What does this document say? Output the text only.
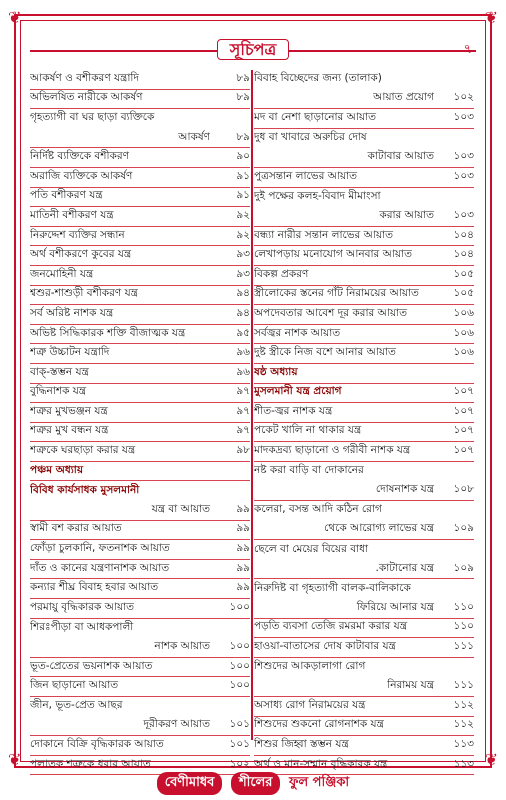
❦	❦
❦	❦
সূচিপত্র	৭
আকর্ষণ ও বশীকরণ যন্ত্রাদি	৮৯
অভিলষিত নারীকে আকর্ষণ	৮৯
গৃহত্যাগী বা ঘর ছাড়া ব্যক্তিকে
আকর্ষণ	৮৯
নির্দিষ্ট ব্যক্তিকে বশীকরণ	৯০
অরাজি ব্যক্তিকে আকর্ষণ	৯১
পতি বশীকরণ যন্ত্র	৯১
মাতিনী বশীকরণ যন্ত্র	৯২
নিরুদ্দেশ ব্যক্তির সন্ধান	৯২
অর্থ বশীকরণে কুবের যন্ত্র	৯৩
জনমোহিনী যন্ত্র	৯৩
শ্বশুর-শাশুড়ী বশীকরণ যন্ত্র	৯৪
সর্ব অরিষ্ট নাশক যন্ত্র	৯৪
অভিষ্ট সিদ্ধিকারক শক্তি বীজাত্মক যন্ত্র	৯৫
শত্রু উচ্চাটন যন্ত্রাদি	৯৬
বাক্‌-স্তম্ভন যন্ত্র	৯৬
বুদ্ধিনাশক যন্ত্র	৯৭
শত্রুর মুখভঞ্জন যন্ত্র	৯৭
শত্রুর মুখ বন্ধন যন্ত্র	৯৭
শত্রুকে ঘরছাড়া করার যন্ত্র	৯৮
পঞ্চম অধ্যায়
বিবিধ কার্যসাধক মুসলমানী
যন্ত্র বা আয়াত	৯৯
স্বামী বশ করার আয়াত	৯৯
ফোঁড়া চুলকানি, ফতনাশক আয়াত	৯৯
দাঁত ও কানের যন্ত্রণানাশক আয়াত	৯৯
কন্যার শীঘ্র বিবাহ হবার আয়াত	৯৯
পরমায়ু বৃদ্ধিকারক আয়াত	১০০
শিরঃপীড়া বা আধকপালী
নাশক আয়াত	১০০
ভূত-প্রেতের ভয়নাশক আয়াত	১০০
জিন ছাড়ানো আয়াত	১০০
জীন, ভূত-প্রেত আছর
দূরীকরণ আয়াত	১০১
দোকানে বিক্রি বৃদ্ধিকারক আয়াত	১০১
পলাতক শত্রুকে ধরার আয়াত	১০২
বিবাহ বিচ্ছেদের জন্য (তালাক)
আয়াত প্রয়োগ	১০২
মদ বা নেশা ছাড়ানোর আয়াত	১০৩
দুধ বা খাবারে অরুচির দোষ
কাটাবার আয়াত	১০৩
পুত্রসন্তান লাভের আয়াত	১০৩
দুই পক্ষের কলহ-বিবাদ মীমাংসা
করার আয়াত	১০৩
বন্ধ্যা নারীর সন্তান লাভের আয়াত	১০৪
লেখাপড়ায় মনোযোগ আনবার আয়াত	১০৪
বিকল্প প্রকরণ	১০৫
স্ত্রীলোকের স্তনের গাঁট নিরাময়ের আয়াত	১০৫
অপদেবতার আবেশ দূর করার আয়াত	১০৬
সর্বজ্বর নাশক আয়াত	১০৬
দুষ্ট স্ত্রীকে নিজ বশে আনার আয়াত	১০৬
ষষ্ঠ অধ্যায়
মুসলমানী যন্ত্র প্রয়োগ	১০৭
শীত-জ্বর নাশক যন্ত্র	১০৭
পকেট খালি না থাকার যন্ত্র	১০৭
মাদকদ্রব্য ছাড়ানো ও গরীবী নাশক যন্ত্র	১০৭
নষ্ট করা বাড়ি বা দোকানের
দোষনাশক যন্ত্র	১০৮
কলেরা, বসন্ত আদি কঠিন রোগ
থেকে আরোগ্য লাভের যন্ত্র	১০৯
ছেলে বা মেয়ের বিয়ের বাধা
.কাটানোর যন্ত্র	১০৯
নিরুদিষ্ট বা গৃহত্যাগী বালক-বালিকাকে
ফিরিয়ে আনার যন্ত্র	১১০
পড়তি ব্যবসা তেজি রমরমা করার যন্ত্র	১১০
হাওয়া-বাতাসের দোষ কাটাবার যন্ত্র	১১১
শিশুদের আকড়ালাগা রোগ
নিরাময় যন্ত্র	১১১
অসাধ্য রোগ নিরাময়ের যন্ত্র	১১২
শিশুদের শুকনো রোগনাশক যন্ত্র	১১২
শিশুর জিহ্বা স্তম্ভন যন্ত্র	১১৩
অর্থ ও মান-সম্মান বৃদ্ধিকারক যন্ত্র	১১৩
বেণীমাধব শীলের ফুল পঞ্জিকা
